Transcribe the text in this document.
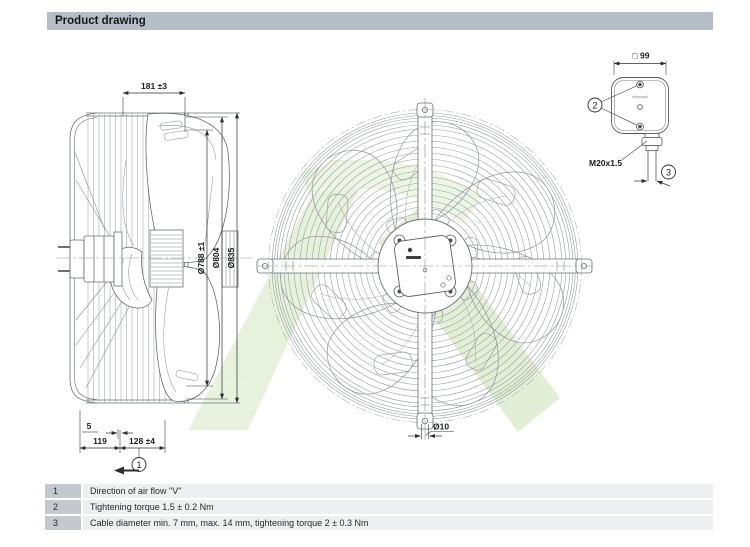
Product drawing
181 ±3
Ø788 ±1 Ø804 Ø835
5
119	128 ±4
1
Ø10
ebmpapst
□ 99
2
M20x1.5
3
1	Direction of air flow "V"
2	Tightening torque 1.5 ± 0.2 Nm
3	Cable diameter min. 7 mm, max. 14 mm, tightening torque 2 ± 0.3 Nm
